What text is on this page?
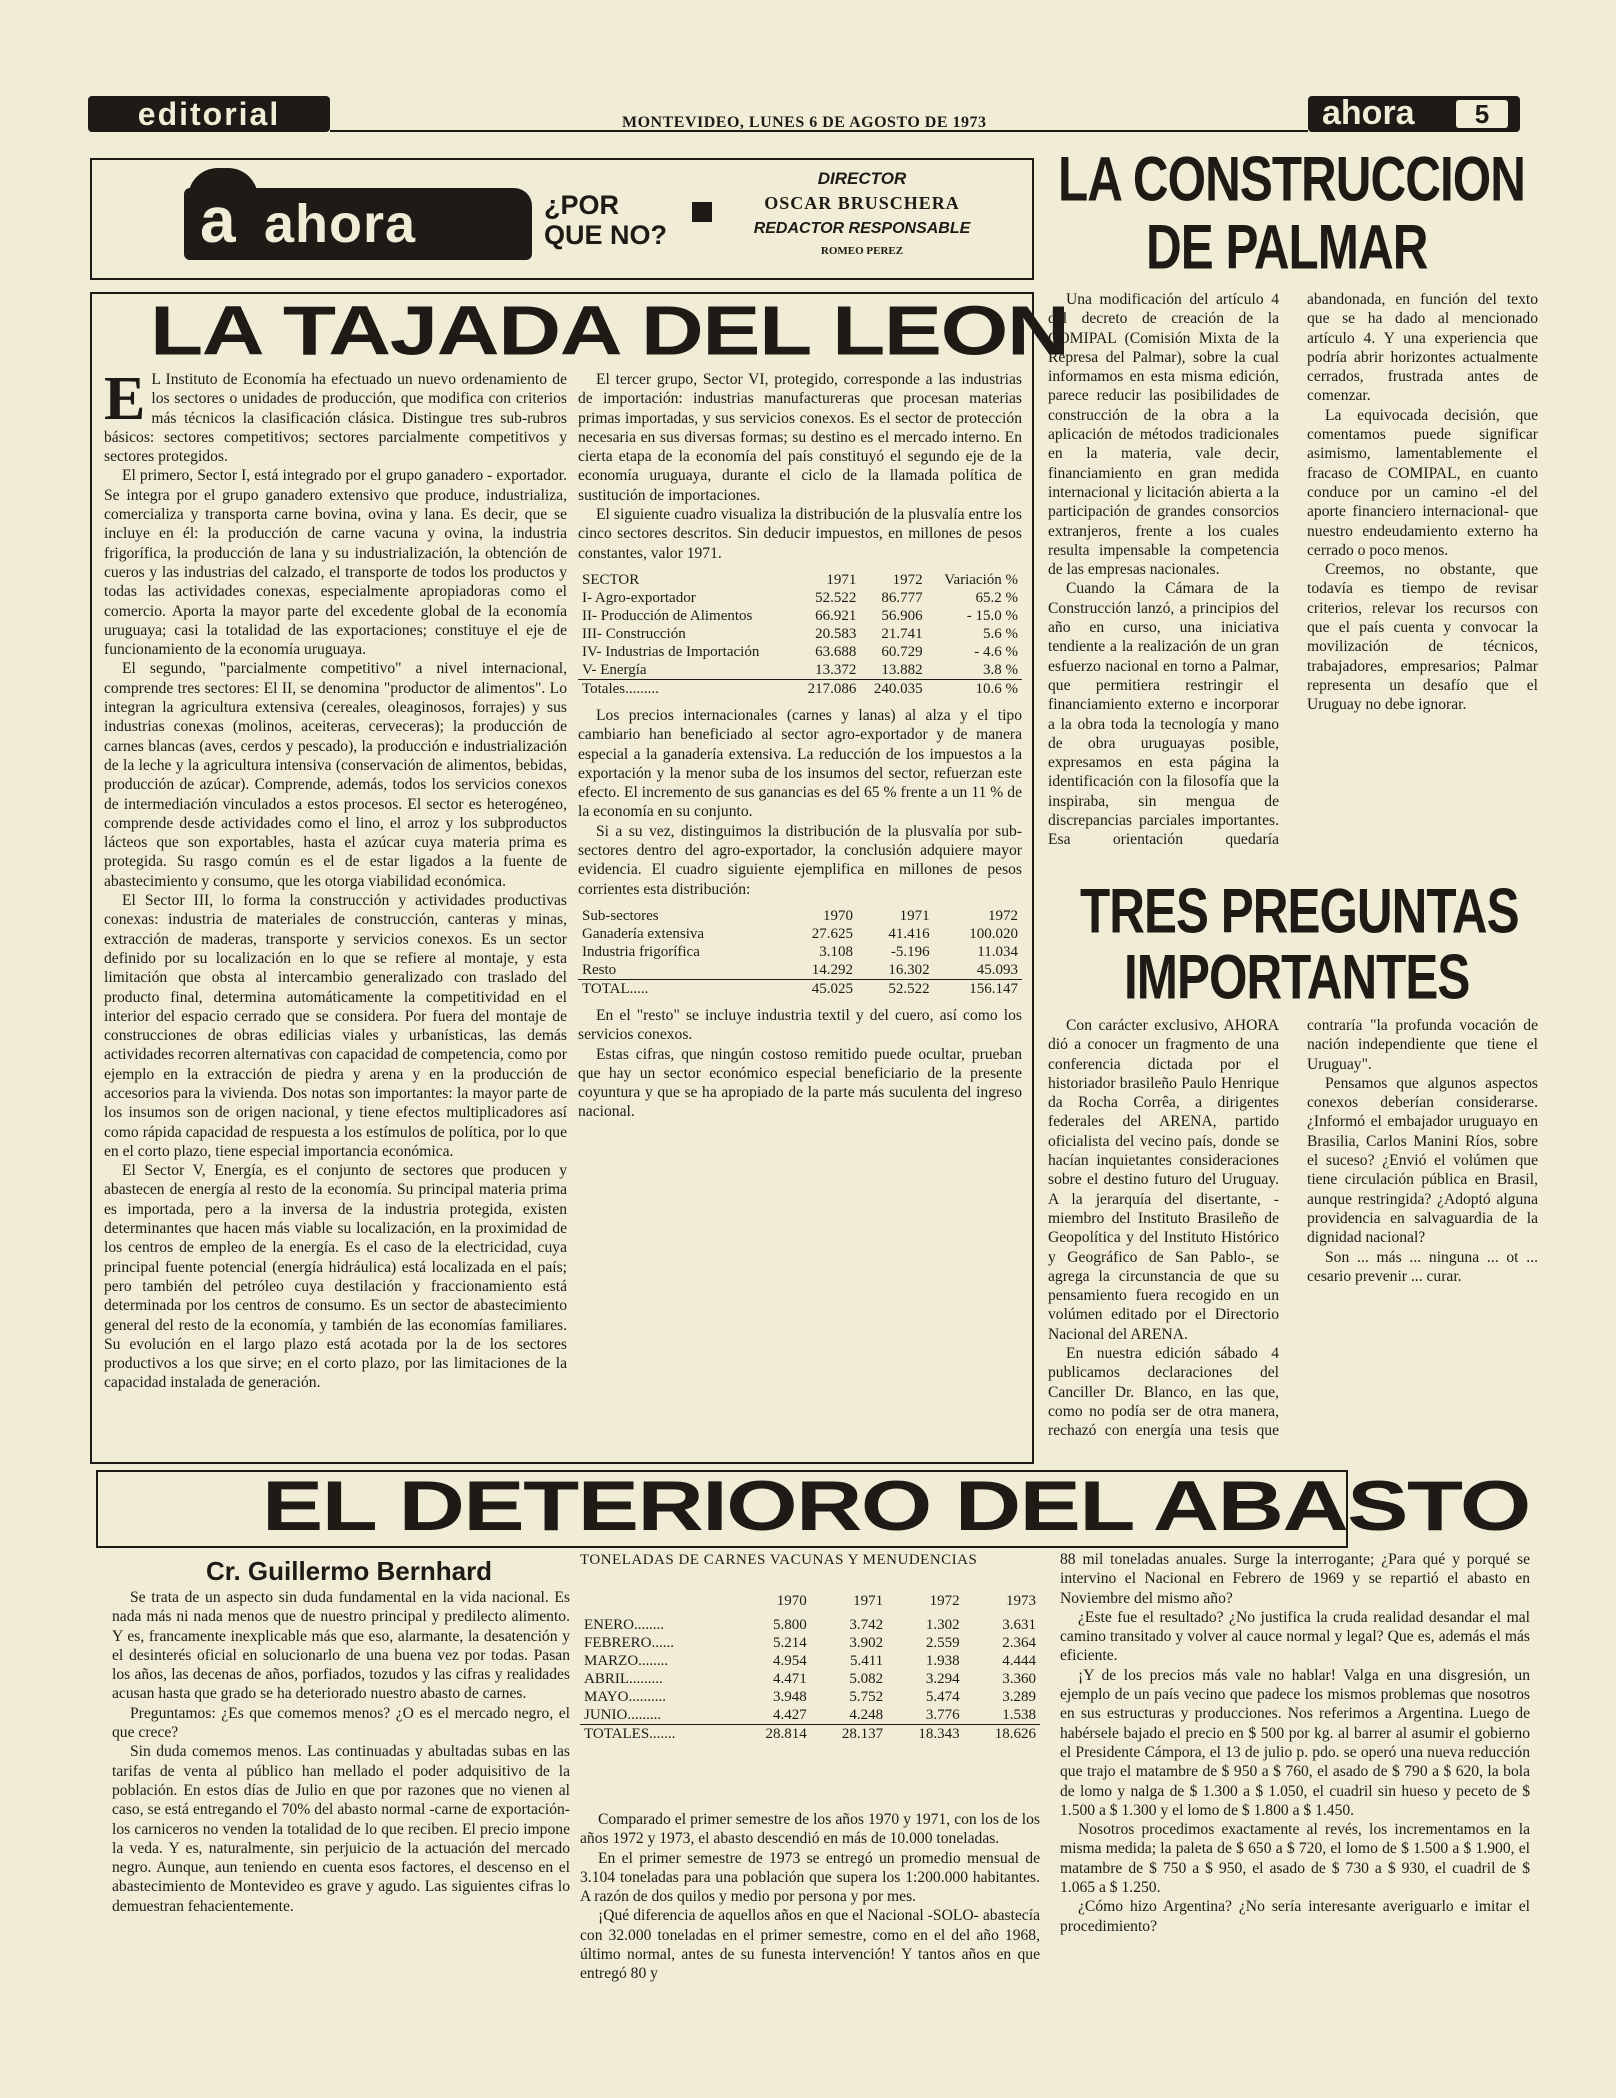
editorial	MONTEVIDEO, LUNES 6 DE AGOSTO DE 1973	ahora	5
ahora
a	¿POR
QUE NO?
DIRECTOR
OSCAR BRUSCHERA
REDACTOR RESPONSABLE
ROMEO PEREZ
LA TAJADA DEL LEON

E L Instituto de Economía ha efectuado un nuevo ordenamiento de los sectores o unidades de producción, que modifica con criterios más técnicos la clasificación clásica. Distingue tres sub-rubros básicos: sectores competitivos; sectores parcialmente competitivos y sectores protegidos.

El primero, Sector I, está integrado por el grupo ganadero - exportador. Se integra por el grupo ganadero extensivo que produce, industrializa, comercializa y transporta carne bovina, ovina y lana. Es decir, que se incluye en él: la producción de carne vacuna y ovina, la industria frigorífica, la producción de lana y su industrialización, la obtención de cueros y las industrias del calzado, el transporte de todos los productos y todas las actividades conexas, especialmente apropiadoras como el comercio. Aporta la mayor parte del excedente global de la economía uruguaya; casi la totalidad de las exportaciones; constituye el eje de funcionamiento de la economía uruguaya.

El segundo, "parcialmente competitivo" a nivel internacional, comprende tres sectores: El II, se denomina "productor de alimentos". Lo integran la agricultura extensiva (cereales, oleaginosos, forrajes) y sus industrias conexas (molinos, aceiteras, cerveceras); la producción de carnes blancas (aves, cerdos y pescado), la producción e industrialización de la leche y la agricultura intensiva (conservación de alimentos, bebidas, producción de azúcar). Comprende, además, todos los servicios conexos de intermediación vinculados a estos procesos. El sector es heterogéneo, comprende desde actividades como el lino, el arroz y los subproductos lácteos que son exportables, hasta el azúcar cuya materia prima es protegida. Su rasgo común es el de estar ligados a la fuente de abastecimiento y consumo, que les otorga viabilidad económica.

El Sector III, lo forma la construcción y actividades productivas conexas: industria de materiales de construcción, canteras y minas, extracción de maderas, transporte y servicios conexos. Es un sector definido por su localización en lo que se refiere al montaje, y esta limitación que obsta al intercambio generalizado con traslado del producto final, determina automáticamente la competitividad en el interior del espacio cerrado que se considera. Por fuera del montaje de construcciones de obras edilicias viales y urbanísticas, las demás actividades recorren alternativas con capacidad de competencia, como por ejemplo en la extracción de piedra y arena y en la producción de accesorios para la vivienda. Dos notas son importantes: la mayor parte de los insumos son de origen nacional, y tiene efectos multiplicadores así como rápida capacidad de respuesta a los estímulos de política, por lo que en el corto plazo, tiene especial importancia económica.

El Sector V, Energía, es el conjunto de sectores que producen y abastecen de energía al resto de la economía. Su principal materia prima es importada, pero a la inversa de la industria protegida, existen determinantes que hacen más viable su localización, en la proximidad de los centros de empleo de la energía. Es el caso de la electricidad, cuya principal fuente potencial (energía hidráulica) está localizada en el país; pero también del petróleo cuya destilación y fraccionamiento está determinada por los centros de consumo. Es un sector de abastecimiento general del resto de la economía, y también de las economías familiares. Su evolución en el largo plazo está acotada por la de los sectores productivos a los que sirve; en el corto plazo, por las limitaciones de la capacidad instalada de generación.

El tercer grupo, Sector VI, protegido, corresponde a las industrias de importación: industrias manufactureras que procesan materias primas importadas, y sus servicios conexos. Es el sector de protección necesaria en sus diversas formas; su destino es el mercado interno. En cierta etapa de la economía del país constituyó el segundo eje de la economía uruguaya, durante el ciclo de la llamada política de sustitución de importaciones.

El siguiente cuadro visualiza la distribución de la plusvalía entre los cinco sectores descritos. Sin deducir impuestos, en millones de pesos constantes, valor 1971.

SECTOR	1971	1972	Variación %
I- Agro-exportador	52.522	86.777	65.2 %
II- Producción de Alimentos	66.921	56.906	- 15.0 %
III- Construcción	20.583	21.741	5.6 %
IV- Industrias de Importación	63.688	60.729	- 4.6 %
V- Energía	13.372	13.882	3.8 %
Totales.........	217.086	240.035	10.6 %

Los precios internacionales (carnes y lanas) al alza y el tipo cambiario han beneficiado al sector agro-exportador y de manera especial a la ganadería extensiva. La reducción de los impuestos a la exportación y la menor suba de los insumos del sector, refuerzan este efecto. El incremento de sus ganancias es del 65 % frente a un 11 % de la economía en su conjunto.

Si a su vez, distinguimos la distribución de la plusvalía por sub-sectores dentro del agro-exportador, la conclusión adquiere mayor evidencia. El cuadro siguiente ejemplifica en millones de pesos corrientes esta distribución:

Sub-sectores	1970	1971	1972
Ganadería extensiva	27.625	41.416	100.020
Industria frigorífica	3.108	-5.196	11.034
Resto	14.292	16.302	45.093
TOTAL.....	45.025	52.522	156.147

En el "resto" se incluye industria textil y del cuero, así como los servicios conexos.

Estas cifras, que ningún costoso remitido puede ocultar, prueban que hay un sector económico especial beneficiario de la presente coyuntura y que se ha apropiado de la parte más suculenta del ingreso nacional.

LA CONSTRUCCION
DE PALMAR

Una modificación del artículo 4 del decreto de creación de la COMIPAL (Comisión Mixta de la Represa del Palmar), sobre la cual informamos en esta misma edición, parece reducir las posibilidades de construcción de la obra a la aplicación de métodos tradicionales en la materia, vale decir, financiamiento en gran medida internacional y licitación abierta a la participación de grandes consorcios extranjeros, frente a los cuales resulta impensable la competencia de las empresas nacionales.

Cuando la Cámara de la Construcción lanzó, a principios del año en curso, una iniciativa tendiente a la realización de un gran esfuerzo nacional en torno a Palmar, que permitiera restringir el financiamiento externo e incorporar a la obra toda la tecnología y mano de obra uruguayas posible, expresamos en esta página la identificación con la filosofía que la inspiraba, sin mengua de discrepancias parciales importantes. Esa orientación quedaría abandonada, en función del texto que se ha dado al mencionado artículo 4. Y una experiencia que podría abrir horizontes actualmente cerrados, frustrada antes de comenzar.

La equivocada decisión, que comentamos puede significar asimismo, lamentablemente el fracaso de COMIPAL, en cuanto conduce por un camino -el del aporte financiero internacional- que nuestro endeudamiento externo ha cerrado o poco menos.

Creemos, no obstante, que todavía es tiempo de revisar criterios, relevar los recursos con que el país cuenta y convocar la movilización de técnicos, trabajadores, empresarios; Palmar representa un desafío que el Uruguay no debe ignorar.

TRES PREGUNTAS
IMPORTANTES

Con carácter exclusivo, AHORA dió a conocer un fragmento de una conferencia dictada por el historiador brasileño Paulo Henrique da Rocha Corrêa, a dirigentes federales del ARENA, partido oficialista del vecino país, donde se hacían inquietantes consideraciones sobre el destino futuro del Uruguay. A la jerarquía del disertante, -miembro del Instituto Brasileño de Geopolítica y del Instituto Histórico y Geográfico de San Pablo-, se agrega la circunstancia de que su pensamiento fuera recogido en un volúmen editado por el Directorio Nacional del ARENA.

En nuestra edición sábado 4 publicamos declaraciones del Canciller Dr. Blanco, en las que, como no podía ser de otra manera, rechazó con energía una tesis que contraría "la profunda vocación de nación independiente que tiene el Uruguay".

Pensamos que algunos aspectos conexos deberían considerarse. ¿Informó el embajador uruguayo en Brasilia, Carlos Manini Ríos, sobre el suceso? ¿Envió el volúmen que tiene circulación pública en Brasil, aunque restringida? ¿Adoptó alguna providencia en salvaguardia de la dignidad nacional?

Son ... más ... ninguna ... ot ... cesario prevenir ... curar.

EL DETERIORO DEL ABASTO
Cr. Guillermo Bernhard

Se trata de un aspecto sin duda fundamental en la vida nacional. Es nada más ni nada menos que de nuestro principal y predilecto alimento. Y es, francamente inexplicable más que eso, alarmante, la desatención y el desinterés oficial en solucionarlo de una buena vez por todas. Pasan los años, las decenas de años, porfiados, tozudos y las cifras y realidades acusan hasta que grado se ha deteriorado nuestro abasto de carnes.

Preguntamos: ¿Es que comemos menos? ¿O es el mercado negro, el que crece?

Sin duda comemos menos. Las continuadas y abultadas subas en las tarifas de venta al público han mellado el poder adquisitivo de la población. En estos días de Julio en que por razones que no vienen al caso, se está entregando el 70% del abasto normal -carne de exportación- los carniceros no venden la totalidad de lo que reciben. El precio impone la veda. Y es, naturalmente, sin perjuicio de la actuación del mercado negro. Aunque, aun teniendo en cuenta esos factores, el descenso en el abastecimiento de Montevideo es grave y agudo. Las siguientes cifras lo demuestran fehacientemente.

TONELADAS DE CARNES VACUNAS Y MENUDENCIAS
	1970	1971	1972	1973
ENERO........	5.800	3.742	1.302	3.631
FEBRERO......	5.214	3.902	2.559	2.364
MARZO........	4.954	5.411	1.938	4.444
ABRIL.........	4.471	5.082	3.294	3.360
MAYO..........	3.948	5.752	5.474	3.289
JUNIO.........	4.427	4.248	3.776	1.538
TOTALES.......	28.814	28.137	18.343	18.626

Comparado el primer semestre de los años 1970 y 1971, con los de los años 1972 y 1973, el abasto descendió en más de 10.000 toneladas.

En el primer semestre de 1973 se entregó un promedio mensual de 3.104 toneladas para una población que supera los 1:200.000 habitantes. A razón de dos quilos y medio por persona y por mes.

¡Qué diferencia de aquellos años en que el Nacional -SOLO- abastecía con 32.000 toneladas en el primer semestre, como en el del año 1968, último normal, antes de su funesta intervención! Y tantos años en que entregó 80 y

88 mil toneladas anuales. Surge la interrogante; ¿Para qué y porqué se intervino el Nacional en Febrero de 1969 y se repartió el abasto en Noviembre del mismo año?

¿Este fue el resultado? ¿No justifica la cruda realidad desandar el mal camino transitado y volver al cauce normal y legal? Que es, además el más eficiente.

¡Y de los precios más vale no hablar! Valga en una disgresión, un ejemplo de un país vecino que padece los mismos problemas que nosotros en sus estructuras y producciones. Nos referimos a Argentina. Luego de habérsele bajado el precio en $ 500 por kg. al barrer al asumir el gobierno el Presidente Cámpora, el 13 de julio p. pdo. se operó una nueva reducción que trajo el matambre de $ 950 a $ 760, el asado de $ 790 a $ 620, la bola de lomo y nalga de $ 1.300 a $ 1.050, el cuadril sin hueso y peceto de $ 1.500 a $ 1.300 y el lomo de $ 1.800 a $ 1.450.

Nosotros procedimos exactamente al revés, los incrementamos en la misma medida; la paleta de $ 650 a $ 720, el lomo de $ 1.500 a $ 1.900, el matambre de $ 750 a $ 950, el asado de $ 730 a $ 930, el cuadril de $ 1.065 a $ 1.250.

¿Cómo hizo Argentina? ¿No sería interesante averiguarlo e imitar el procedimiento?
